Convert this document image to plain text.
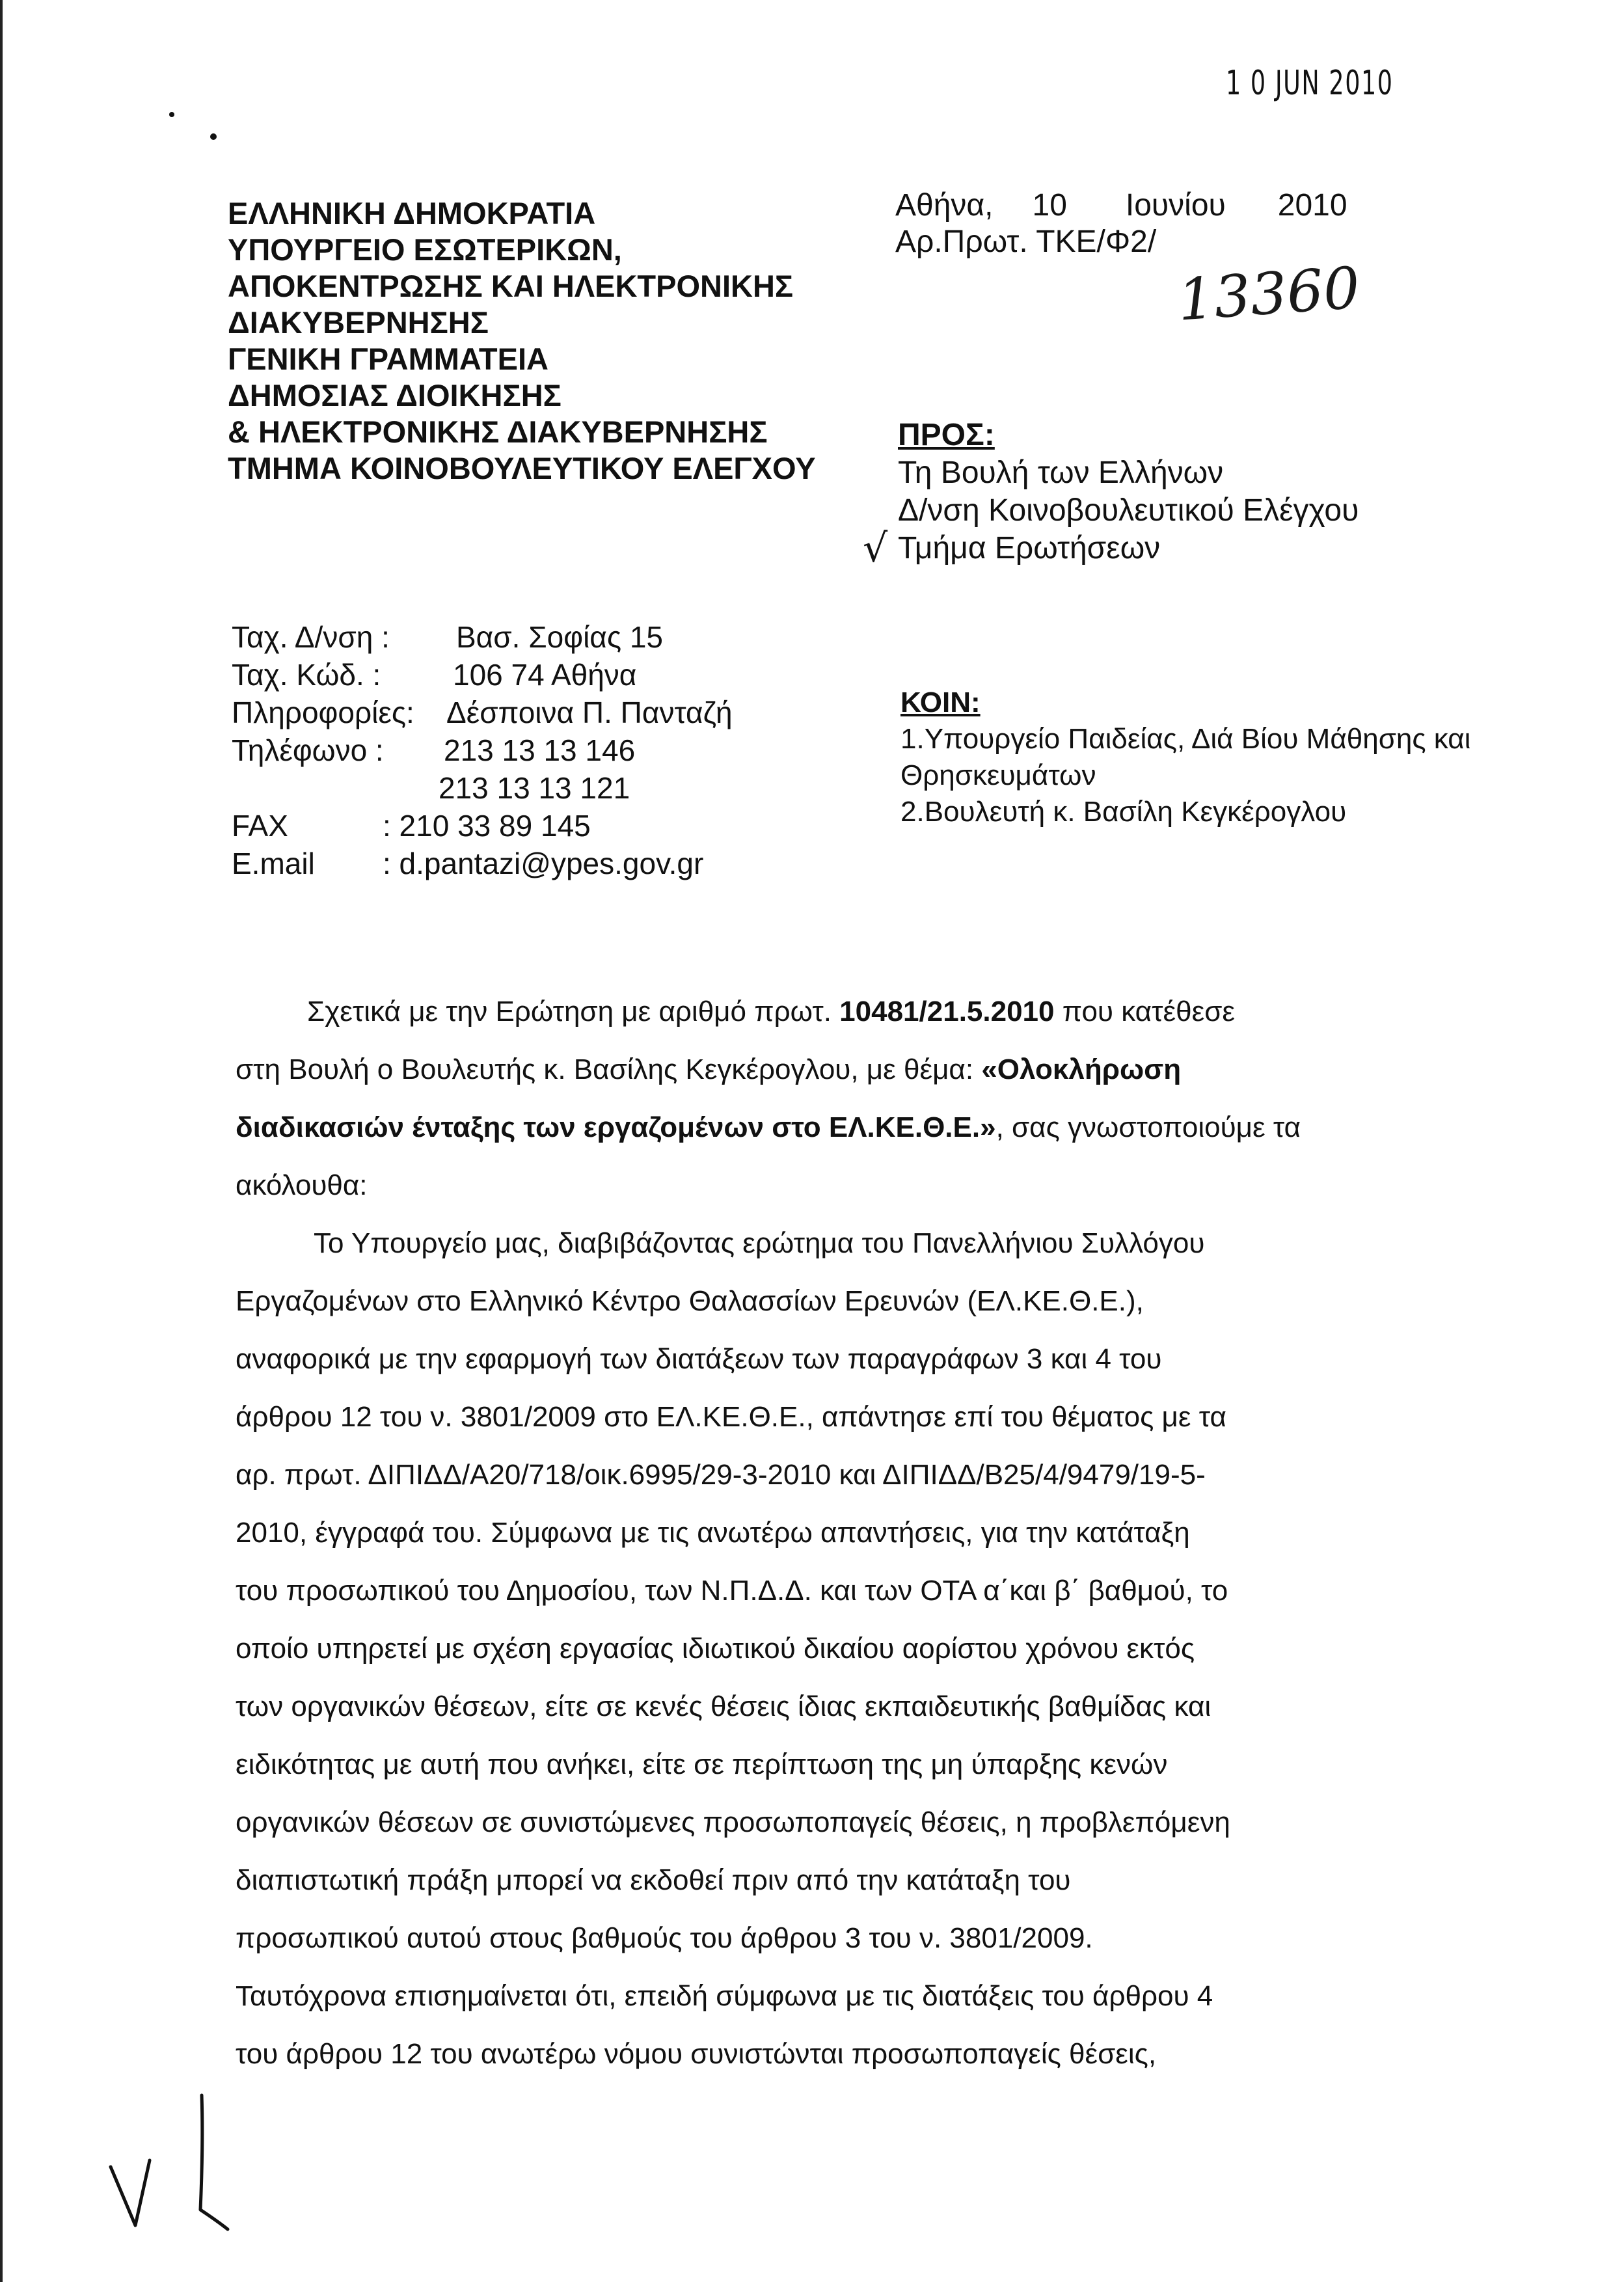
1 0 JUN 2010
ΕΛΛΗΝΙΚΗ ΔΗΜΟΚΡΑΤΙΑ
ΥΠΟΥΡΓΕΙΟ ΕΣΩΤΕΡΙΚΩΝ,
ΑΠΟΚΕΝΤΡΩΣΗΣ ΚΑΙ ΗΛΕΚΤΡΟΝΙΚΗΣ
ΔΙΑΚΥΒΕΡΝΗΣΗΣ
ΓΕΝΙΚΗ ΓΡΑΜΜΑΤΕΙΑ
ΔΗΜΟΣΙΑΣ ΔΙΟΙΚΗΣΗΣ
& ΗΛΕΚΤΡΟΝΙΚΗΣ ΔΙΑΚΥΒΕΡΝΗΣΗΣ
ΤΜΗΜΑ ΚΟΙΝΟΒΟΥΛΕΥΤΙΚΟΥ ΕΛΕΓΧΟΥ
Αθήνα, 10 Ιουνίου 2010
Αρ.Πρωτ. ΤΚΕ/Φ2/
13360
ΠΡΟΣ:
Τη Βουλή των Ελλήνων
Δ/νση Κοινοβουλευτικού Ελέγχου
Τμήμα Ερωτήσεων
√
Ταχ. Δ/νση : Βασ. Σοφίας 15
Ταχ. Κώδ. : 106 74 Αθήνα
Πληροφορίες: Δέσποινα Π. Πανταζή
Τηλέφωνο : 213 13 13 146
213 13 13 121
FAX	: 210 33 89 145
E.mail : d.pantazi@ypes.gov.gr
ΚΟΙΝ:
1.Υπουργείο Παιδείας, Διά Βίου Μάθησης και
Θρησκευμάτων
2.Βουλευτή κ. Βασίλη Κεγκέρογλου

Σχετικά με την Ερώτηση με αριθμό πρωτ. 10481/21.5.2010 που κατέθεσε
στη Βουλή ο Βουλευτής κ. Βασίλης Κεγκέρογλου, με θέμα: «Ολοκλήρωση
διαδικασιών ένταξης των εργαζομένων στο ΕΛ.ΚΕ.Θ.Ε.», σας γνωστοποιούμε τα
ακόλουθα:

Το Υπουργείο μας, διαβιβάζοντας ερώτημα του Πανελλήνιου Συλλόγου
Εργαζομένων στο Ελληνικό Κέντρο Θαλασσίων Ερευνών (ΕΛ.ΚΕ.Θ.Ε.),
αναφορικά με την εφαρμογή των διατάξεων των παραγράφων 3 και 4 του
άρθρου 12 του ν. 3801/2009 στο ΕΛ.ΚΕ.Θ.Ε., απάντησε επί του θέματος με τα
αρ. πρωτ. ΔΙΠΙΔΔ/Α20/718/οικ.6995/29-3-2010 και ΔΙΠΙΔΔ/Β25/4/9479/19-5-
2010, έγγραφά του. Σύμφωνα με τις ανωτέρω απαντήσεις, για την κατάταξη
του προσωπικού του Δημοσίου, των Ν.Π.Δ.Δ. και των ΟΤΑ α΄και β΄ βαθμού, το
οποίο υπηρετεί με σχέση εργασίας ιδιωτικού δικαίου αορίστου χρόνου εκτός
των οργανικών θέσεων, είτε σε κενές θέσεις ίδιας εκπαιδευτικής βαθμίδας και
ειδικότητας με αυτή που ανήκει, είτε σε περίπτωση της μη ύπαρξης κενών
οργανικών θέσεων σε συνιστώμενες προσωποπαγείς θέσεις, η προβλεπόμενη
διαπιστωτική πράξη μπορεί να εκδοθεί πριν από την κατάταξη του
προσωπικού αυτού στους βαθμούς του άρθρου 3 του ν. 3801/2009.

Ταυτόχρονα επισημαίνεται ότι, επειδή σύμφωνα με τις διατάξεις του άρθρου 4
του άρθρου 12 του ανωτέρω νόμου συνιστώνται προσωποπαγείς θέσεις,
